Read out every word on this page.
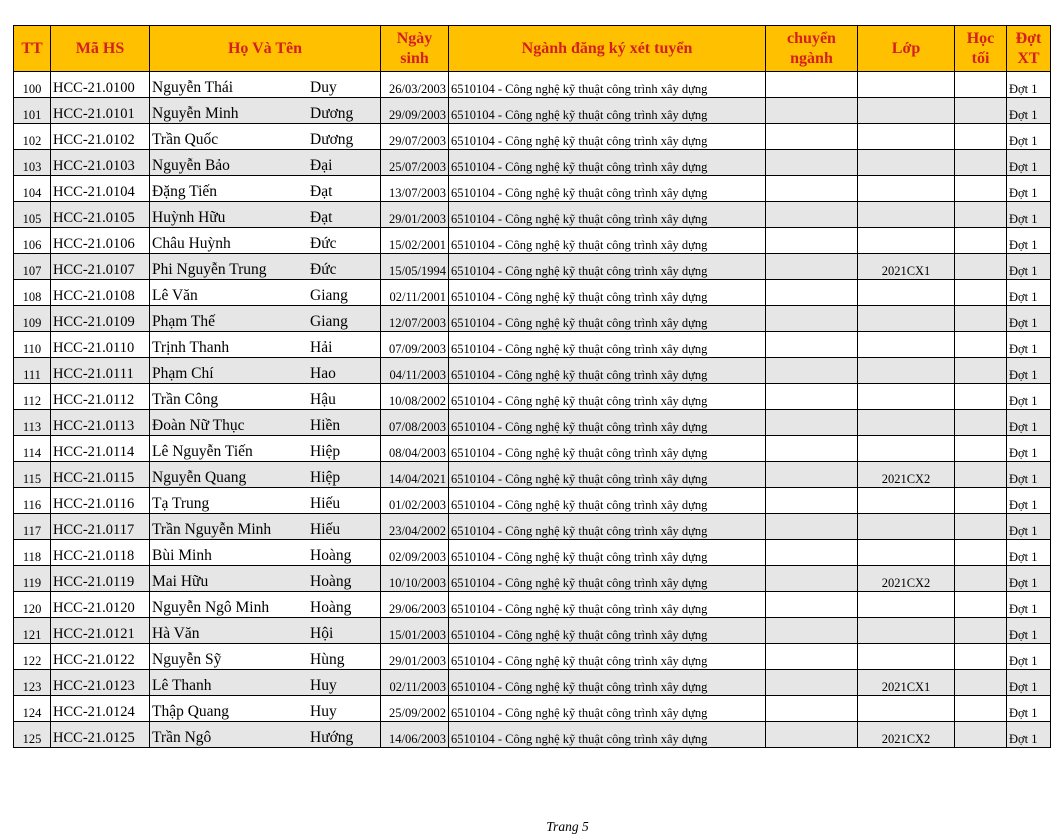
TT	Mã HS	Họ Và Tên	Ngày sinh	Ngành đăng ký xét tuyển	chuyển ngành	Lớp	Học tối	Đợt XT
100	HCC-21.0100	Nguyễn Thái Duy	26/03/2003	6510104 - Công nghệ kỹ thuật công trình xây dựng				Đợt 1
101	HCC-21.0101	Nguyễn Minh Dương	29/09/2003	6510104 - Công nghệ kỹ thuật công trình xây dựng				Đợt 1
102	HCC-21.0102	Trần Quốc Dương	29/07/2003	6510104 - Công nghệ kỹ thuật công trình xây dựng				Đợt 1
103	HCC-21.0103	Nguyễn Bảo Đại	25/07/2003	6510104 - Công nghệ kỹ thuật công trình xây dựng				Đợt 1
104	HCC-21.0104	Đặng Tiến Đạt	13/07/2003	6510104 - Công nghệ kỹ thuật công trình xây dựng				Đợt 1
105	HCC-21.0105	Huỳnh Hữu Đạt	29/01/2003	6510104 - Công nghệ kỹ thuật công trình xây dựng				Đợt 1
106	HCC-21.0106	Châu Huỳnh Đức	15/02/2001	6510104 - Công nghệ kỹ thuật công trình xây dựng				Đợt 1
107	HCC-21.0107	Phi Nguyễn Trung Đức	15/05/1994	6510104 - Công nghệ kỹ thuật công trình xây dựng		2021CX1		Đợt 1
108	HCC-21.0108	Lê Văn Giang	02/11/2001	6510104 - Công nghệ kỹ thuật công trình xây dựng				Đợt 1
109	HCC-21.0109	Phạm Thế Giang	12/07/2003	6510104 - Công nghệ kỹ thuật công trình xây dựng				Đợt 1
110	HCC-21.0110	Trịnh Thanh Hải	07/09/2003	6510104 - Công nghệ kỹ thuật công trình xây dựng				Đợt 1
111	HCC-21.0111	Phạm Chí Hao	04/11/2003	6510104 - Công nghệ kỹ thuật công trình xây dựng				Đợt 1
112	HCC-21.0112	Trần Công Hậu	10/08/2002	6510104 - Công nghệ kỹ thuật công trình xây dựng				Đợt 1
113	HCC-21.0113	Đoàn Nữ Thục Hiền	07/08/2003	6510104 - Công nghệ kỹ thuật công trình xây dựng				Đợt 1
114	HCC-21.0114	Lê Nguyễn Tiến Hiệp	08/04/2003	6510104 - Công nghệ kỹ thuật công trình xây dựng				Đợt 1
115	HCC-21.0115	Nguyễn Quang Hiệp	14/04/2021	6510104 - Công nghệ kỹ thuật công trình xây dựng		2021CX2		Đợt 1
116	HCC-21.0116	Tạ Trung Hiếu	01/02/2003	6510104 - Công nghệ kỹ thuật công trình xây dựng				Đợt 1
117	HCC-21.0117	Trần Nguyễn Minh Hiếu	23/04/2002	6510104 - Công nghệ kỹ thuật công trình xây dựng				Đợt 1
118	HCC-21.0118	Bùi Minh Hoàng	02/09/2003	6510104 - Công nghệ kỹ thuật công trình xây dựng				Đợt 1
119	HCC-21.0119	Mai Hữu Hoàng	10/10/2003	6510104 - Công nghệ kỹ thuật công trình xây dựng		2021CX2		Đợt 1
120	HCC-21.0120	Nguyễn Ngô Minh Hoàng	29/06/2003	6510104 - Công nghệ kỹ thuật công trình xây dựng				Đợt 1
121	HCC-21.0121	Hà Văn Hội	15/01/2003	6510104 - Công nghệ kỹ thuật công trình xây dựng				Đợt 1
122	HCC-21.0122	Nguyễn Sỹ Hùng	29/01/2003	6510104 - Công nghệ kỹ thuật công trình xây dựng				Đợt 1
123	HCC-21.0123	Lê Thanh Huy	02/11/2003	6510104 - Công nghệ kỹ thuật công trình xây dựng		2021CX1		Đợt 1
124	HCC-21.0124	Thập Quang Huy	25/09/2002	6510104 - Công nghệ kỹ thuật công trình xây dựng				Đợt 1
125	HCC-21.0125	Trần Ngô Hướng	14/06/2003	6510104 - Công nghệ kỹ thuật công trình xây dựng		2021CX2		Đợt 1
Trang 5
